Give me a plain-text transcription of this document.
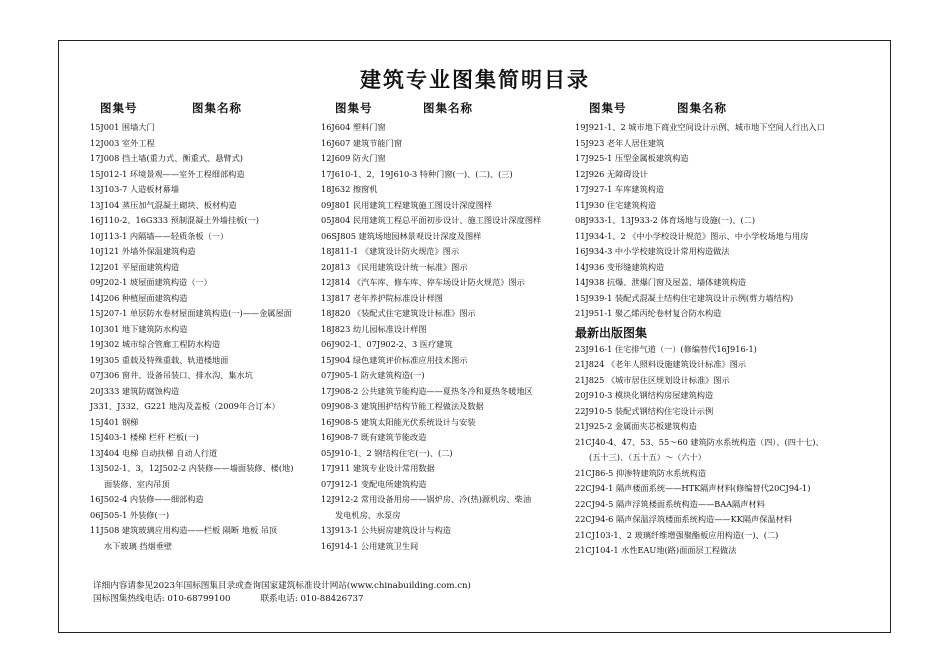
建筑专业图集简明目录
图集号	图集名称
15J001 围墙大门
12J003 室外工程
17J008 挡土墙(重力式、衡重式、悬臂式)
15J012-1 环境景观——室外工程细部构造
13J103-7 人造板材幕墙
13J104 蒸压加气混凝土砌块、板材构造
16J110-2、16G333 预制混凝土外墙挂板(一)
10J113-1 内隔墙——轻质条板（一）
10J121 外墙外保温建筑构造
12J201 平屋面建筑构造
09J202-1 坡屋面建筑构造（一）
14J206 种植屋面建筑构造
15J207-1 单层防水卷材屋面建筑构造(一)——金属屋面
10J301 地下建筑防水构造
19J302 城市综合管廊工程防水构造
19J305 重载及特殊重载、轨道楼地面
07J306 窗井、设备吊装口、排水沟、集水坑
20J333 建筑防腐蚀构造
J331、J332、G221 地沟及盖板（2009年合订本）
15J401 钢梯
15J403-1 楼梯 栏杆 栏板(一)
13J404 电梯 自动扶梯 自动人行道
13J502-1、3，12J502-2 内装修——墙面装修、楼(地)
面装修、室内吊顶
16J502-4 内装修——细部构造
06J505-1 外装修(一)
11J508 建筑玻璃应用构造——栏板 隔断 地板 吊顶
水下玻璃 挡烟垂壁
图集号	图集名称
16J604 塑料门窗
16J607 建筑节能门窗
12J609 防火门窗
17J610-1、2，19J610-3 特种门窗(一)、(二)、(三)
18J632 擦窗机
09J801 民用建筑工程建筑施工图设计深度图样
05J804 民用建筑工程总平面初步设计、施工图设计深度图样
06SJ805 建筑场地园林景观设计深度及图样
18J811-1 《建筑设计防火规范》图示
20J813 《民用建筑设计统一标准》图示
12J814 《汽车库、修车库、停车场设计防火规范》图示
13J817 老年养护院标准设计样图
18J820 《装配式住宅建筑设计标准》图示
18J823 幼儿园标准设计样图
06J902-1、07J902-2、3 医疗建筑
15J904 绿色建筑评价标准应用技术图示
07J905-1 防火建筑构造(一)
17J908-2 公共建筑节能构造——夏热冬冷和夏热冬暖地区
09J908-3 建筑围护结构节能工程做法及数据
16J908-5 建筑太阳能光伏系统设计与安装
16J908-7 既有建筑节能改造
05J910-1、2 钢结构住宅(一)、(二)
17J911 建筑专业设计常用数据
07J912-1 变配电所建筑构造
12J912-2 常用设备用房——锅炉房、冷(热)源机房、柴油
发电机房、水泵房
13J913-1 公共厨房建筑设计与构造
16J914-1 公用建筑卫生间
图集号	图集名称
19J921-1、2 城市地下商业空间设计示例、城市地下空间人行出入口
15J923 老年人居住建筑
17J925-1 压型金属板建筑构造
12J926 无障碍设计
17J927-1 车库建筑构造
11J930 住宅建筑构造
08J933-1、13J933-2 体育场地与设施(一)、(二)
11J934-1、2 《中小学校设计规范》图示、中小学校场地与用房
16J934-3 中小学校建筑设计常用构造做法
14J936 变形缝建筑构造
14J938 抗爆、泄爆门窗及屋盖、墙体建筑构造
15J939-1 装配式混凝土结构住宅建筑设计示例(剪力墙结构)
21J951-1 聚乙烯丙纶卷材复合防水构造
最新出版图集
23J916-1 住宅排气道（一）(修编替代16J916-1)
21J824 《老年人照料设施建筑设计标准》图示
21J825 《城市居住区规划设计标准》图示
20J910-3 模块化钢结构房屋建筑构造
22J910-5 装配式钢结构住宅设计示例
21J925-2 金属面夹芯板建筑构造
21CJ40-4、47、53、55～60 建筑防水系统构造（四）、(四十七)、
(五十三)、（五十五）～（六十）
21CJ86-5 抑渗特建筑防水系统构造
22CJ94-1 隔声楼面系统——HTK隔声材料(修编替代20CJ94-1)
22CJ94-5 隔声浮筑楼面系统构造——BAA隔声材料
22CJ94-6 隔声保温浮筑楼面系统构造——KK隔声保温材料
21CJ103-1、2 玻璃纤维增强聚酯板应用构造(一)、(二)
21CJ104-1 水性EAU地(路)面面层工程做法
详细内容请参见2023年国标图集目录或查询国家建筑标准设计网站(www.chinabuilding.com.cn)
国标图集热线电话: 010-68799100	联系电话: 010-88426737
